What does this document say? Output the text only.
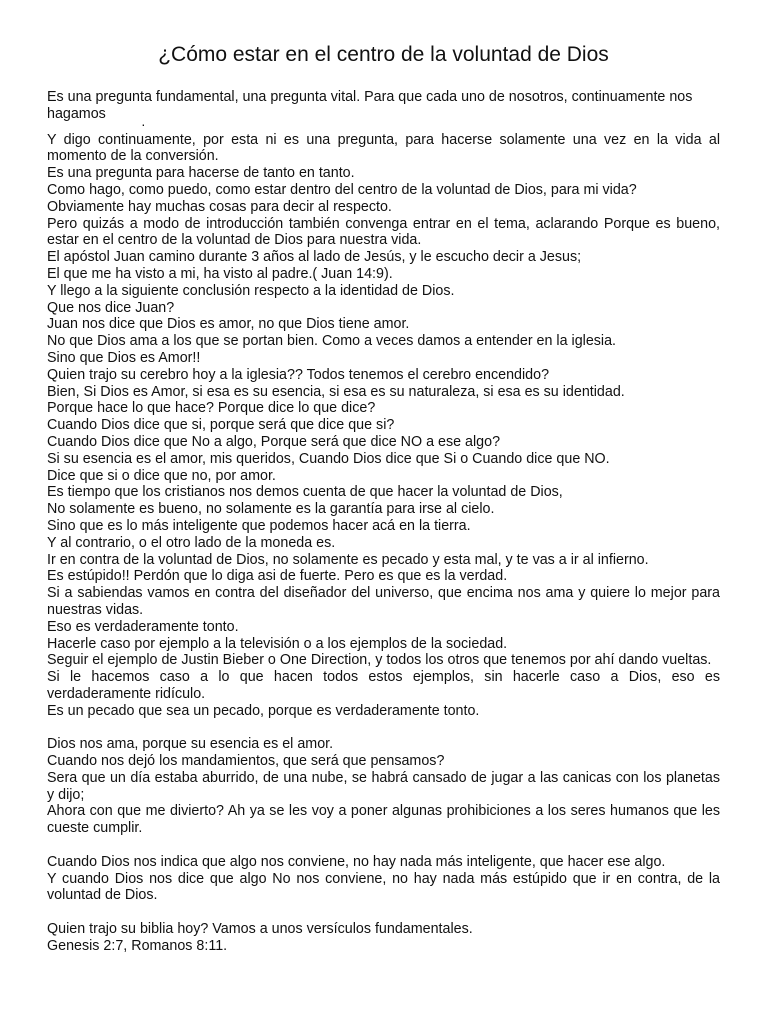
¿Cómo estar en el centro de la voluntad de Dios

Es una pregunta fundamental, una pregunta vital. Para que cada uno de nosotros, continuamente nos hagamos

·

Y digo continuamente, por esta ni es una pregunta, para hacerse solamente una vez en la vida al momento de la conversión.

Es una pregunta para hacerse de tanto en tanto.

Como hago, como puedo, como estar dentro del centro de la voluntad de Dios, para mi vida?

Obviamente hay muchas cosas para decir al respecto.

Pero quizás a modo de introducción también convenga entrar en el tema, aclarando Porque es bueno, estar en el centro de la voluntad de Dios para nuestra vida.

El apóstol Juan camino durante 3 años al lado de Jesús, y le escucho decir a Jesus;

El que me ha visto a mi, ha visto al padre.( Juan 14:9).

Y llego a la siguiente conclusión respecto a la identidad de Dios.

Que nos dice Juan?

Juan nos dice que Dios es amor, no que Dios tiene amor.

No que Dios ama a los que se portan bien. Como a veces damos a entender en la iglesia.

Sino que Dios es Amor!!

Quien trajo su cerebro hoy a la iglesia?? Todos tenemos el cerebro encendido?

Bien, Si Dios es Amor, si esa es su esencia, si esa es su naturaleza, si esa es su identidad.

Porque hace lo que hace? Porque dice lo que dice?

Cuando Dios dice que si, porque será que dice que si?

Cuando Dios dice que No a algo, Porque será que dice NO a ese algo?

Si su esencia es el amor, mis queridos, Cuando Dios dice que Si o Cuando dice que NO.

Dice que si o dice que no, por amor.

Es tiempo que los cristianos nos demos cuenta de que hacer la voluntad de Dios,

No solamente es bueno, no solamente es la garantía para irse al cielo.

Sino que es lo más inteligente que podemos hacer acá en la tierra.

Y al contrario, o el otro lado de la moneda es.

Ir en contra de la voluntad de Dios, no solamente es pecado y esta mal, y te vas a ir al infierno.

Es estúpido!! Perdón que lo diga asi de fuerte. Pero es que es la verdad.

Si a sabiendas vamos en contra del diseñador del universo, que encima nos ama y quiere lo mejor para nuestras vidas.

Eso es verdaderamente tonto.

Hacerle caso por ejemplo a la televisión o a los ejemplos de la sociedad.

Seguir el ejemplo de Justin Bieber o One Direction, y todos los otros que tenemos por ahí dando vueltas.

Si le hacemos caso a lo que hacen todos estos ejemplos, sin hacerle caso a Dios, eso es verdaderamente ridículo.

Es un pecado que sea un pecado, porque es verdaderamente tonto.

Dios nos ama, porque su esencia es el amor.

Cuando nos dejó los mandamientos, que será que pensamos?

Sera que un día estaba aburrido, de una nube, se habrá cansado de jugar a las canicas con los planetas y dijo;

Ahora con que me divierto? Ah ya se les voy a poner algunas prohibiciones a los seres humanos que les cueste cumplir.

Cuando Dios nos indica que algo nos conviene, no hay nada más inteligente, que hacer ese algo.

Y cuando Dios nos dice que algo No nos conviene, no hay nada más estúpido que ir en contra, de la voluntad de Dios.

Quien trajo su biblia hoy? Vamos a unos versículos fundamentales.

Genesis 2:7, Romanos 8:11.
